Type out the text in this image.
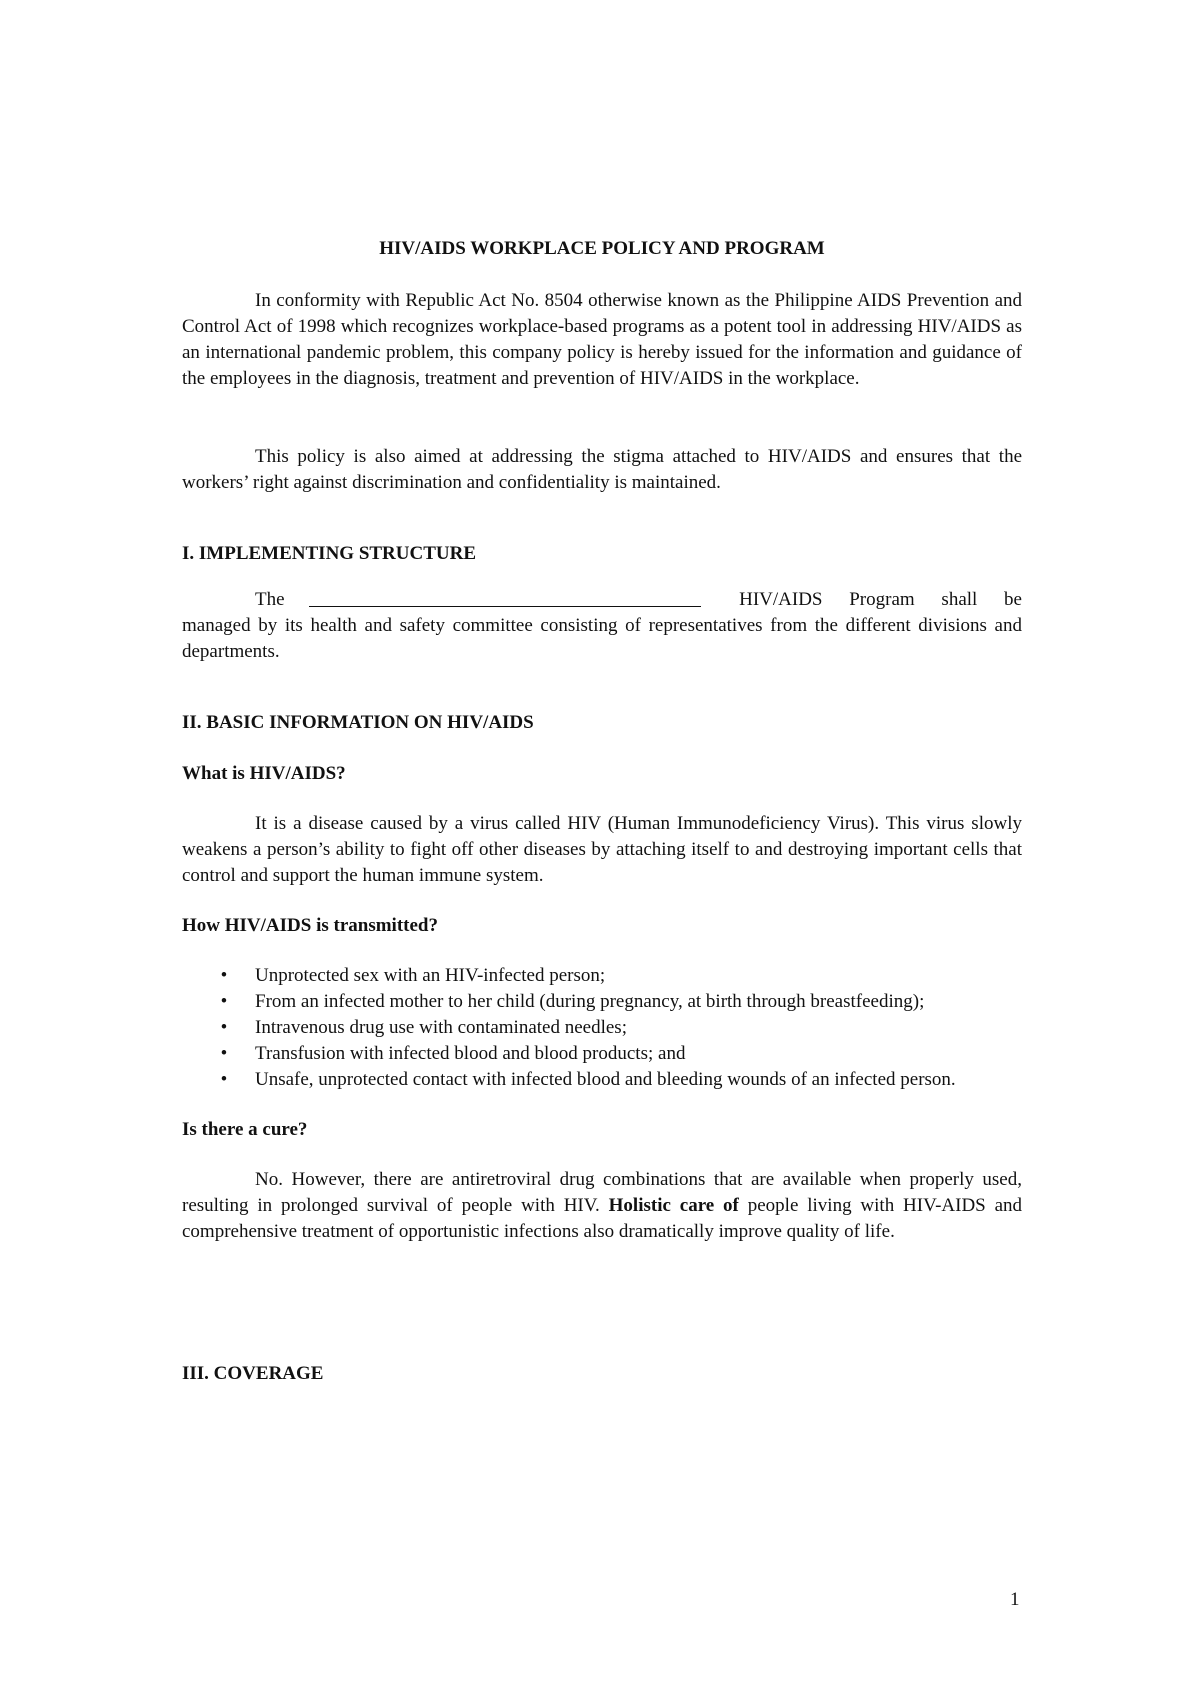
HIV/AIDS WORKPLACE POLICY AND PROGRAM

In conformity with Republic Act No. 8504 otherwise known as the Philippine AIDS Prevention and Control Act of 1998 which recognizes workplace-based programs as a potent tool in addressing HIV/AIDS as an international pandemic problem, this company policy is hereby issued for the information and guidance of the employees in the diagnosis, treatment and prevention of HIV/AIDS in the workplace.

This policy is also aimed at addressing the stigma attached to HIV/AIDS and ensures that the workers’ right against discrimination and confidentiality is maintained.

I. IMPLEMENTING STRUCTURE
The	HIV/AIDS Program shall be

managed by its health and safety committee consisting of representatives from the different divisions and departments.

II. BASIC INFORMATION ON HIV/AIDS
What is HIV/AIDS?

It is a disease caused by a virus called HIV (Human Immunodeficiency Virus). This virus slowly weakens a person’s ability to fight off other diseases by attaching itself to and destroying important cells that control and support the human immune system.

How HIV/AIDS is transmitted?
• Unprotected sex with an HIV-infected person;
• From an infected mother to her child (during pregnancy, at birth through breastfeeding);
• Intravenous drug use with contaminated needles;
• Transfusion with infected blood and blood products; and
• Unsafe, unprotected contact with infected blood and bleeding wounds of an infected person.
Is there a cure?

No. However, there are antiretroviral drug combinations that are available when properly used, resulting in prolonged survival of people with HIV. Holistic care of people living with HIV-AIDS and comprehensive treatment of opportunistic infections also dramatically improve quality of life.

III. COVERAGE
1
